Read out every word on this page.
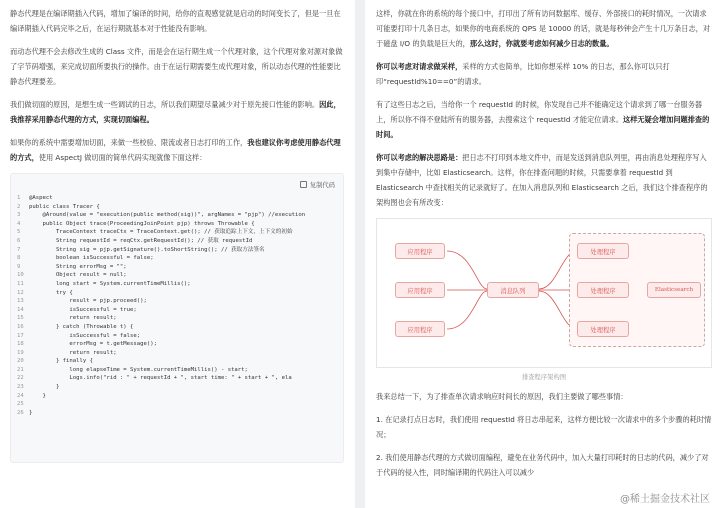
静态代理是在编译期插入代码，增加了编译的时间，给你的直观感觉就是启动的时间变长了，但是一旦在编译期插入代码完毕之后，在运行期就基本对于性能没有影响。
而动态代理不会去修改生成的 Class 文件，而是会在运行期生成一个代理对象，这个代理对象对源对象做了字节码增强，来完成切面所要执行的操作。由于在运行期需要生成代理对象，所以动态代理的性能要比静态代理要差。
我们做切面的原因，是想生成一些调试的日志，所以我们期望尽量减少对于原先接口性能的影响。因此，我推荐采用静态代理的方式，实现切面编程。
如果你的系统中需要增加切面，来做一些校验、限流或者日志打印的工作，我也建议你考虑使用静态代理的方式，使用 AspectJ 做切面的简单代码实现就像下面这样：
复制代码
1 @Aspect
2 public class Tracer {
3    @Around(value = "execution(public method(sig))", argNames = "pjp") //execution
4    public Object trace(ProceedingJoinPoint pjp) throws Throwable {
5        TraceContext traceCtx = TraceContext.get(); // 获取追踪上下文，上下文的初始
6        String requestId = reqCtx.getRequestId(); // 获取 requestId
7        String sig = pjp.getSignature().toShortString(); // 获取方法签名
8        boolean isSuccessful = false;
9        String errorMsg = "";
10        Object result = null;
11        long start = System.currentTimeMillis();
12        try {
13            result = pjp.proceed();
14            isSuccessful = true;
15            return result;
16        } catch (Throwable t) {
17            isSuccessful = false;
18            errorMsg = t.getMessage();
19            return result;
20        } finally {
21            long elapseTime = System.currentTimeMillis() - start;
22            Logs.info("rid : " + requestId + ", start time: " + start + ", ela
23        }
24    }
25
26 }
这样，你就在你的系统的每个接口中，打印出了所有访问数据库、缓存、外部接口的耗时情况，一次请求可能要打印十几条日志，如果你的电商系统的 QPS 是 10000 的话，就是每秒钟会产生十几万条日志，对于磁盘 I/O 的负载是巨大的，那么这时，你就要考虑如何减少日志的数量。
你可以考虑对请求做采样，采样的方式也简单，比如你想采样 10% 的日志，那么你可以只打印“requestId%10==0”的请求。
有了这些日志之后，当给你一个 requestId 的时候，你发现自己并不能确定这个请求到了哪一台服务器上，所以你不得不登陆所有的服务器，去搜索这个 requestId 才能定位请求。这样无疑会增加问题排查的时间。
你可以考虑的解决思路是：把日志不打印到本地文件中，而是发送到消息队列里，再由消息处理程序写入到集中存储中，比如 Elasticsearch。这样，你在排查问题的时候，只需要拿着 requestId 到 Elasticsearch 中查找相关的记录就好了。在加入消息队列和 Elasticsearch 之后，我们这个排查程序的架构图也会有所改变：
应用程序
应用程序
应用程序
消息队列
处理程序
处理程序
处理程序
Elasticsearch
排查程序架构图
我来总结一下，为了排查单次请求响应时间长的原因，我们主要做了哪些事情：
1. 在记录打点日志时，我们使用 requestId 将日志串起来，这样方便比较一次请求中的多个步骤的耗时情况；
2. 我们使用静态代理的方式做切面编程，避免在业务代码中，加入大量打印耗时的日志的代码，减少了对于代码的侵入性，同时编译期的代码注入可以减少
@稀土掘金技术社区
